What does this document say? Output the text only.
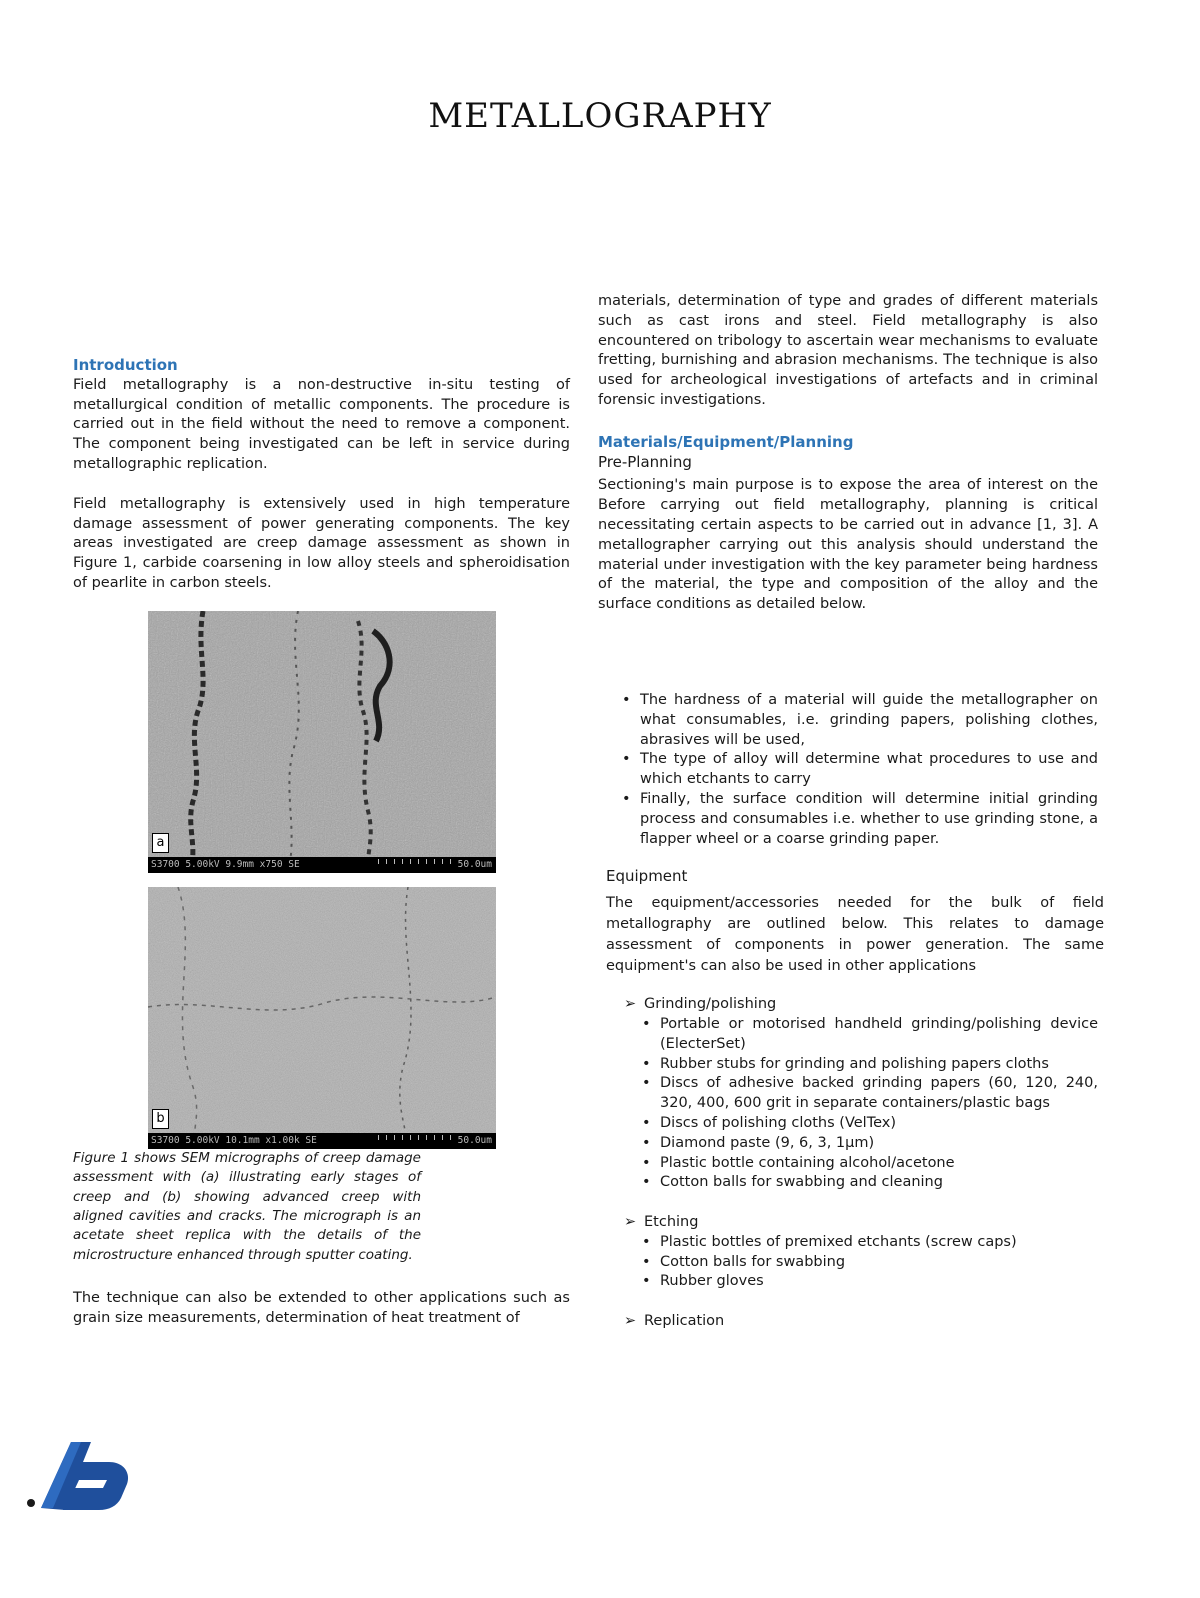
METALLOGRAPHY
Introduction

Field metallography is a non-destructive in-situ testing of metallurgical condition of metallic components. The procedure is carried out in the field without the need to remove a component. The component being investigated can be left in service during metallographic replication.

Field metallography is extensively used in high temperature damage assessment of power generating components. The key areas investigated are creep damage assessment as shown in Figure 1, carbide coarsening in low alloy steels and spheroidisation of pearlite in carbon steels.

a
S3700 5.00kV 9.9mm x750 SE	50.0um
b
S3700 5.00kV 10.1mm x1.00k SE	50.0um

Figure 1 shows SEM micrographs of creep damage assessment with (a) illustrating early stages of creep and (b) showing advanced creep with aligned cavities and cracks. The micrograph is an acetate sheet replica with the details of the microstructure enhanced through sputter coating.

The technique can also be extended to other applications such as grain size measurements, determination of heat treatment of

materials, determination of type and grades of different materials such as cast irons and steel. Field metallography is also encountered on tribology to ascertain wear mechanisms to evaluate fretting, burnishing and abrasion mechanisms. The technique is also used for archeological investigations of artefacts and in criminal forensic investigations.

Materials/Equipment/Planning
Pre-Planning

Sectioning's main purpose is to expose the area of interest on the Before carrying out field metallography, planning is critical necessitating certain aspects to be carried out in advance [1, 3]. A metallographer carrying out this analysis should understand the material under investigation with the key parameter being hardness of the material, the type and composition of the alloy and the surface conditions as detailed below.

• The hardness of a material will guide the metallographer on what consumables, i.e. grinding papers, polishing clothes, abrasives will be used,
• The type of alloy will determine what procedures to use and which etchants to carry
• Finally, the surface condition will determine initial grinding process and consumables i.e. whether to use grinding stone, a flapper wheel or a coarse grinding paper.
Equipment

The equipment/accessories needed for the bulk of field metallography are outlined below. This relates to damage assessment of components in power generation. The same equipment's can also be used in other applications

➢ Grinding/polishing
• Portable or motorised handheld grinding/polishing device (ElecterSet)
• Rubber stubs for grinding and polishing papers cloths
• Discs of adhesive backed grinding papers (60, 120, 240, 320, 400, 600 grit in separate containers/plastic bags
• Discs of polishing cloths (VelTex)
• Diamond paste (9, 6, 3, 1µm)
• Plastic bottle containing alcohol/acetone
• Cotton balls for swabbing and cleaning
➢ Etching
• Plastic bottles of premixed etchants (screw caps)
• Cotton balls for swabbing
• Rubber gloves
➢ Replication
